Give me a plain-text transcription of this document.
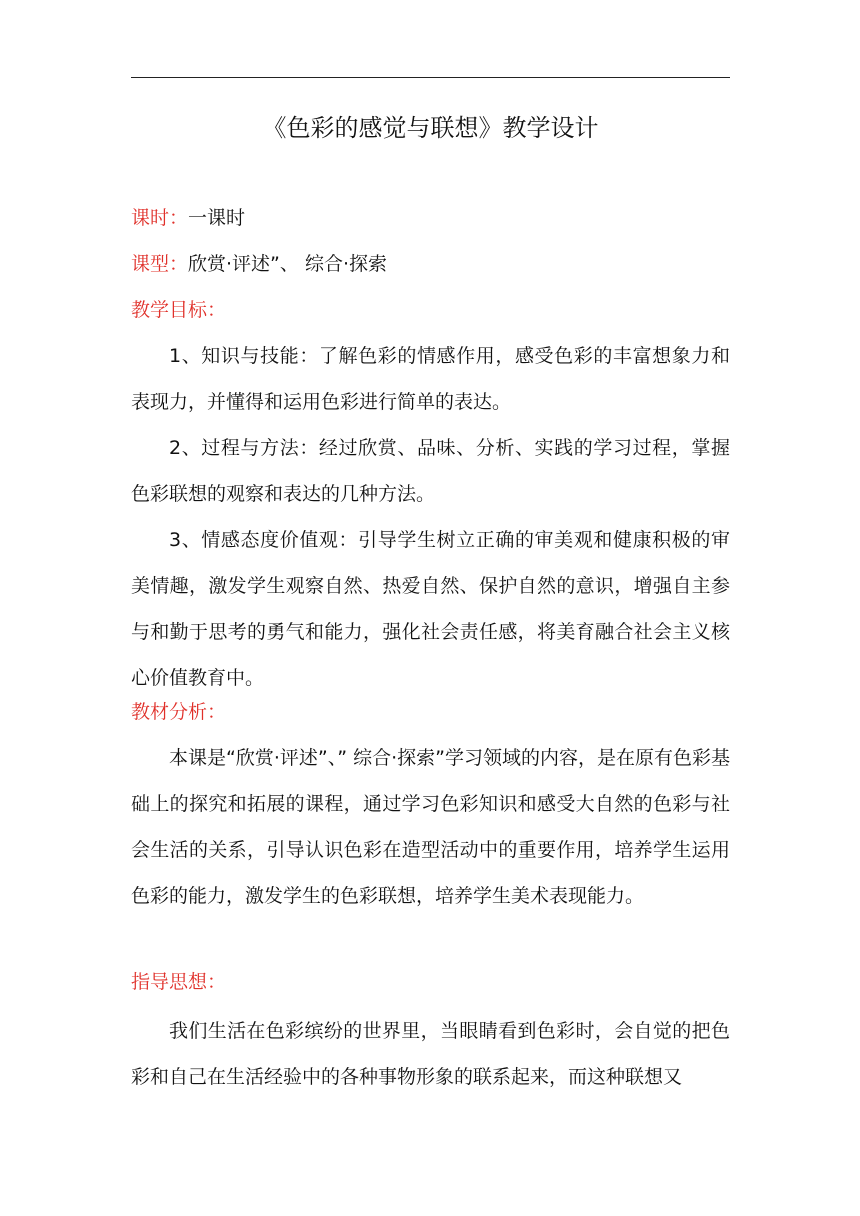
《色彩的感觉与联想》教学设计
课时：一课时
课型：欣赏·评述”、 综合·探索
教学目标：
1、知识与技能：了解色彩的情感作用，感受色彩的丰富想象力和表现力，并懂得和运用色彩进行简单的表达。
2、过程与方法：经过欣赏、品味、分析、实践的学习过程，掌握色彩联想的观察和表达的几种方法。
3、情感态度价值观：引导学生树立正确的审美观和健康积极的审美情趣，激发学生观察自然、热爱自然、保护自然的意识，增强自主参与和勤于思考的勇气和能力，强化社会责任感，将美育融合社会主义核心价值教育中。
教材分析：
本课是“欣赏·评述”、” 综合·探索”学习领域的内容，是在原有色彩基础上的探究和拓展的课程，通过学习色彩知识和感受大自然的色彩与社会生活的关系，引导认识色彩在造型活动中的重要作用，培养学生运用色彩的能力，激发学生的色彩联想，培养学生美术表现能力。
指导思想：
我们生活在色彩缤纷的世界里，当眼睛看到色彩时，会自觉的把色彩和自己在生活经验中的各种事物形象的联系起来，而这种联想又
